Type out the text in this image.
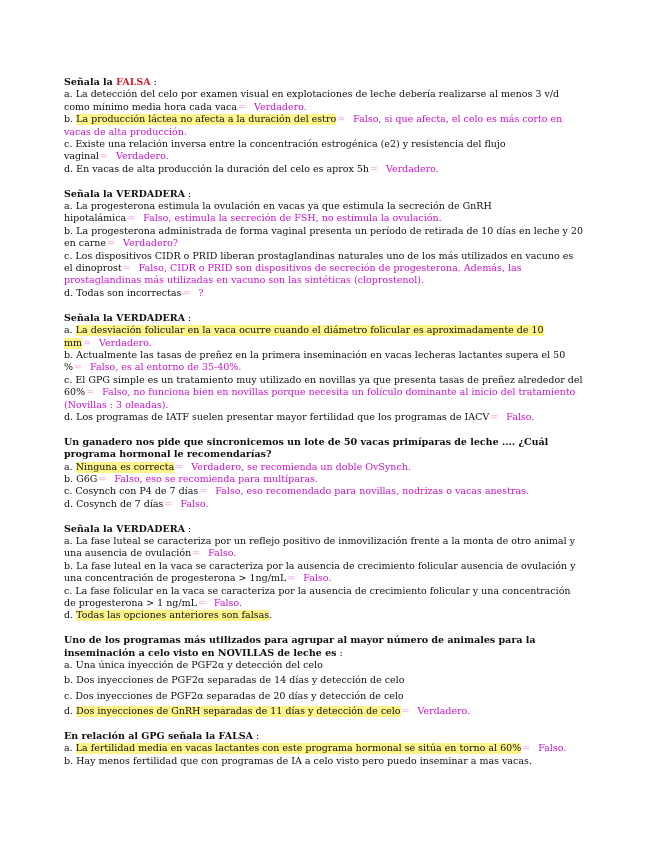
Señala la FALSA :
a. La detección del celo por examen visual en explotaciones de leche debería realizarse al menos 3 v/d como mínimo media hora cada vaca= Verdadero.
b. La producción láctea no afecta a la duración del estro= Falso, si que afecta, el celo es más corto en vacas de alta producción.
c. Existe una relación inversa entre la concentración estrogénica (e2) y resistencia del flujo vaginal= Verdadero.
d. En vacas de alta producción la duración del celo es aprox 5h= Verdadero.
Señala la VERDADERA :
a. La progesterona estimula la ovulación en vacas ya que estimula la secreción de GnRH hipotalámica= Falso, estimula la secreción de FSH, no estimula la ovulación.
b. La progesterona administrada de forma vaginal presenta un período de retirada de 10 días en leche y 20 en carne= Verdadero?
c. Los dispositivos CIDR o PRID liberan prostaglandinas naturales uno de los más utilizados en vacuno es el dinoprost= Falso, CIDR o PRID son dispositivos de secreción de progesterona. Además, las prostaglandinas más utilizadas en vacuno son las sintéticas (cloprostenol).
d. Todas son incorrectas= ?
Señala la VERDADERA :
a. La desviación folicular en la vaca ocurre cuando el diámetro folicular es aproximadamente de 10 mm= Verdadero.
b. Actualmente las tasas de preñez en la primera inseminación en vacas lecheras lactantes supera el 50 %= Falso, es al entorno de 35-40%.
c. El GPG simple es un tratamiento muy utilizado en novillas ya que presenta tasas de preñez alrededor del 60%= Falso, no funciona bien en novillas porque necesita un folículo dominante al inicio del tratamiento (Novillas : 3 oleadas).
d. Los programas de IATF suelen presentar mayor fertilidad que los programas de IACV= Falso.
Un ganadero nos pide que sincronicemos un lote de 50 vacas primíparas de leche .... ¿Cuál programa hormonal le recomendarías?
a. Ninguna es correcta= Verdadero, se recomienda un doble OvSynch.
b. G6G= Falso, eso se recomienda para multíparas.
c. Cosynch con P4 de 7 días= Falso, eso recomendado para novillas, nodrizas o vacas anestras.
d. Cosynch de 7 días= Falso.
Señala la VERDADERA :
a. La fase luteal se caracteriza por un reflejo positivo de inmovilización frente a la monta de otro animal y una ausencia de ovulación= Falso.
b. La fase luteal en la vaca se caracteriza por la ausencia de crecimiento folicular ausencia de ovulación y una concentración de progesterona > 1ng/mL= Falso.
c. La fase folicular en la vaca se caracteriza por la ausencia de crecimiento folicular y una concentración de progesterona > 1 ng/mL= Falso.
d. Todas las opciones anteriores son falsas.
Uno de los programas más utilizados para agrupar al mayor número de animales para la inseminación a celo visto en NOVILLAS de leche es :
a. Una única inyección de PGF2α y detección del celo
b. Dos inyecciones de PGF2α separadas de 14 días y detección de celo
c. Dos inyecciones de PGF2α separadas de 20 días y detección de celo
d. Dos inyecciones de GnRH separadas de 11 días y detección de celo= Verdadero.
En relación al GPG señala la FALSA :
a. La fertilidad media en vacas lactantes con este programa hormonal se sitúa en torno al 60%= Falso.
b. Hay menos fertilidad que con programas de IA a celo visto pero puedo inseminar a mas vacas.
